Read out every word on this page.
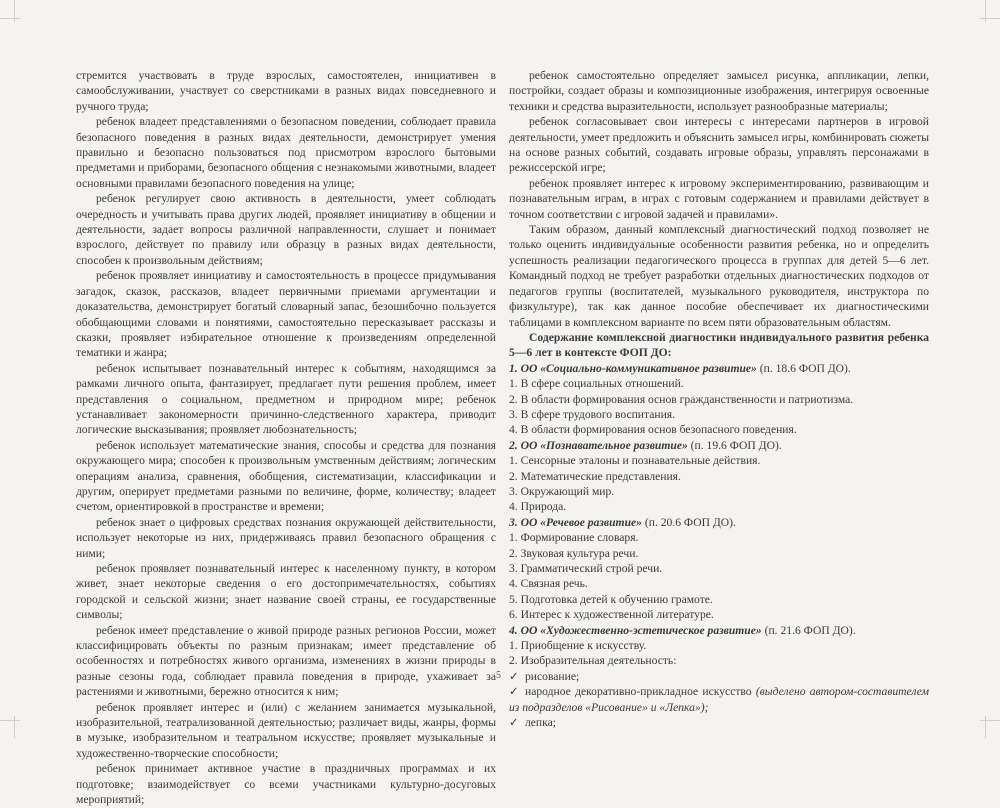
стремится участвовать в труде взрослых, самостоятелен, инициативен в самообслуживании, участвует со сверстниками в разных видах повседневного и ручного труда;

ребенок владеет представлениями о безопасном поведении, соблюдает правила безопасного поведения в разных видах деятельности, демонстрирует умения правильно и безопасно пользоваться под присмотром взрослого бытовыми предметами и приборами, безопасного общения с незнакомыми животными, владеет основными правилами безопасного поведения на улице;

ребенок регулирует свою активность в деятельности, умеет соблюдать очередность и учитывать права других людей, проявляет инициативу в общении и деятельности, задает вопросы различной направленности, слушает и понимает взрослого, действует по правилу или образцу в разных видах деятельности, способен к произвольным действиям;

ребенок проявляет инициативу и самостоятельность в процессе придумывания загадок, сказок, рассказов, владеет первичными приемами аргументации и доказательства, демонстрирует богатый словарный запас, безошибочно пользуется обобщающими словами и понятиями, самостоятельно пересказывает рассказы и сказки, проявляет избирательное отношение к произведениям определенной тематики и жанра;

ребенок испытывает познавательный интерес к событиям, находящимся за рамками личного опыта, фантазирует, предлагает пути решения проблем, имеет представления о социальном, предметном и природном мире; ребенок устанавливает закономерности причинно-следственного характера, приводит логические высказывания; проявляет любознательность;

ребенок использует математические знания, способы и средства для познания окружающего мира; способен к произвольным умственным действиям; логическим операциям анализа, сравнения, обобщения, систематизации, классификации и другим, оперирует предметами разными по величине, форме, количеству; владеет счетом, ориентировкой в пространстве и времени;

ребенок знает о цифровых средствах познания окружающей действительности, использует некоторые из них, придерживаясь правил безопасного обращения с ними;

ребенок проявляет познавательный интерес к населенному пункту, в котором живет, знает некоторые сведения о его достопримечательностях, событиях городской и сельской жизни; знает название своей страны, ее государственные символы;

ребенок имеет представление о живой природе разных регионов России, может классифицировать объекты по разным признакам; имеет представление об особенностях и потребностях живого организма, изменениях в жизни природы в разные сезоны года, соблюдает правила поведения в природе, ухаживает за растениями и животными, бережно относится к ним;

ребенок проявляет интерес и (или) с желанием занимается музыкальной, изобразительной, театрализованной деятельностью; различает виды, жанры, формы в музыке, изобразительном и театральном искусстве; проявляет музыкальные и художественно-творческие способности;

ребенок принимает активное участие в праздничных программах и их подготовке; взаимодействует со всеми участниками культурно-досуговых мероприятий;

ребенок самостоятельно определяет замысел рисунка, аппликации, лепки, постройки, создает образы и композиционные изображения, интегрируя освоенные техники и средства выразительности, использует разнообразные материалы;

ребенок согласовывает свои интересы с интересами партнеров в игровой деятельности, умеет предложить и объяснить замысел игры, комбинировать сюжеты на основе разных событий, создавать игровые образы, управлять персонажами в режиссерской игре;

ребенок проявляет интерес к игровому экспериментированию, развивающим и познавательным играм, в играх с готовым содержанием и правилами действует в точном соответствии с игровой задачей и правилами».

Таким образом, данный комплексный диагностический подход позволяет не только оценить индивидуальные особенности развития ребенка, но и определить успешность реализации педагогического процесса в группах для детей 5—6 лет. Командный подход не требует разработки отдельных диагностических подходов от педагогов группы (воспитателей, музыкального руководителя, инструктора по физкультуре), так как данное пособие обеспечивает их диагностическими таблицами в комплексном варианте по всем пяти образовательным областям.

Содержание комплексной диагностики индивидуального развития ребенка 5—6 лет в контексте ФОП ДО:

1. ОО «Социально-коммуникативное развитие» (п. 18.6 ФОП ДО).

1. В сфере социальных отношений.

2. В области формирования основ гражданственности и патриотизма.

3. В сфере трудового воспитания.

4. В области формирования основ безопасного поведения.

2. ОО «Познавательное развитие» (п. 19.6 ФОП ДО).

1. Сенсорные эталоны и познавательные действия.

2. Математические представления.

3. Окружающий мир.

4. Природа.

3. ОО «Речевое развитие» (п. 20.6 ФОП ДО).

1. Формирование словаря.

2. Звуковая культура речи.

3. Грамматический строй речи.

4. Связная речь.

5. Подготовка детей к обучению грамоте.

6. Интерес к художественной литературе.

4. ОО «Художественно-эстетическое развитие» (п. 21.6 ФОП ДО).

1. Приобщение к искусству.

2. Изобразительная деятельность:

✓ рисование;

✓ народное декоративно-прикладное искусство (выделено автором-составителем из подразделов «Рисование» и «Лепка»);

✓ лепка;

5
